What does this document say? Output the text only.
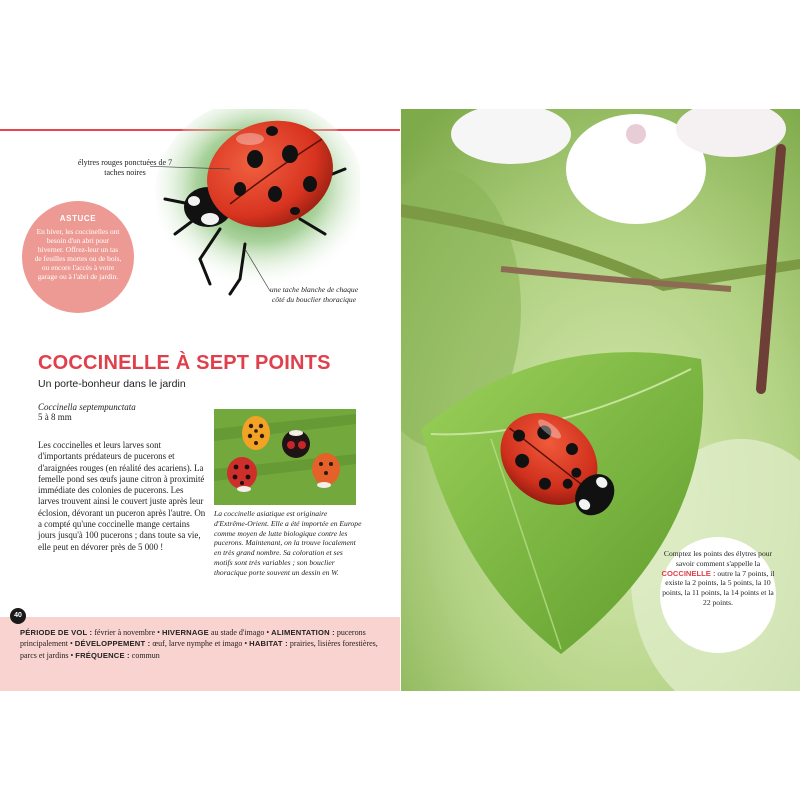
élytres rouges ponctuées de 7 taches noires
une tache blanche de chaque côté du bouclier thoracique
ASTUCE
En hiver, les coccinelles ont besoin d'un abri pour hiverner. Offrez-leur un tas de feuilles mortes ou de bois, ou encore l'accès à votre garage ou à l'abri de jardin.
COCCINELLE À SEPT POINTS
Un porte-bonheur dans le jardin
Coccinella septempunctata
5 à 8 mm
Les coccinelles et leurs larves sont d'importants prédateurs de pucerons et d'araignées rouges (en réalité des acariens). La femelle pond ses œufs jaune citron à proximité immédiate des colonies de pucerons. Les larves trouvent ainsi le couvert juste après leur éclosion, dévorant un puceron après l'autre. On a compté qu'une coccinelle mange certains jours jusqu'à 100 pucerons ; dans toute sa vie, elle peut en dévorer près de 5 000 !
La coccinelle asiatique est originaire d'Extrême-Orient. Elle a été importée en Europe comme moyen de lutte biologique contre les pucerons. Maintenant, on la trouve localement en très grand nombre. Sa coloration et ses motifs sont très variables ; son bouclier thoracique porte souvent un dessin en W.
PÉRIODE DE VOL : février à novembre • HIVERNAGE au stade d'imago • ALIMENTATION : pucerons principalement • DÉVELOPPEMENT : œuf, larve nymphe et imago • HABITAT : prairies, lisières forestières, parcs et jardins • FRÉQUENCE : commun
40
Comptez les points des élytres pour savoir comment s'appelle la COCCINELLE : outre la 7 points, il existe la 2 points, la 5 points, la 10 points, la 11 points, la 14 points et la 22 points.
